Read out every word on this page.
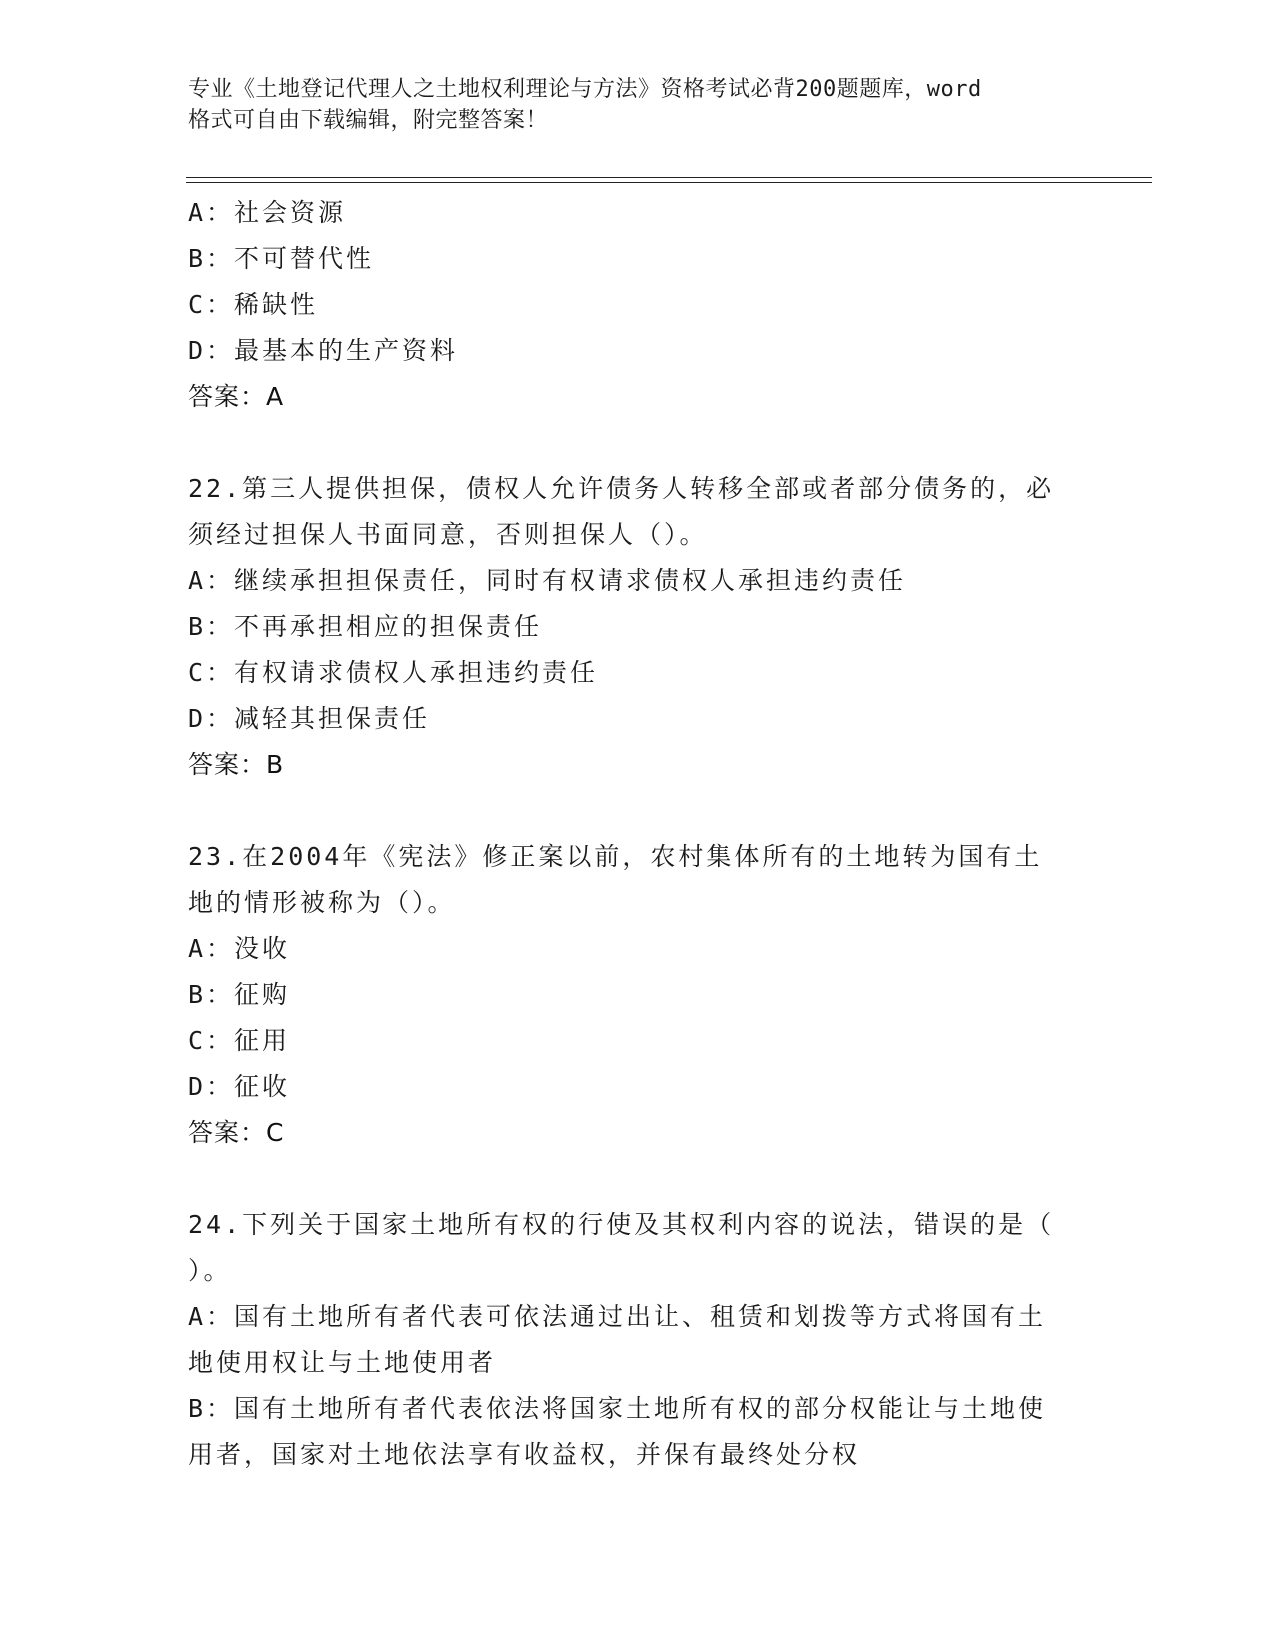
专业《土地登记代理人之土地权利理论与方法》资格考试必背200题题库，word
格式可自由下载编辑，附完整答案！
A：社会资源
B：不可替代性
C：稀缺性
D：最基本的生产资料
答案：A
22.第三人提供担保，债权人允许债务人转移全部或者部分债务的，必
须经过担保人书面同意，否则担保人（）。
A：继续承担担保责任，同时有权请求债权人承担违约责任
B：不再承担相应的担保责任
C：有权请求债权人承担违约责任
D：减轻其担保责任
答案：B
23.在2004年《宪法》修正案以前，农村集体所有的土地转为国有土
地的情形被称为（）。
A：没收
B：征购
C：征用
D：征收
答案：C
24.下列关于国家土地所有权的行使及其权利内容的说法，错误的是（
）。
A：国有土地所有者代表可依法通过出让、租赁和划拨等方式将国有土
地使用权让与土地使用者
B：国有土地所有者代表依法将国家土地所有权的部分权能让与土地使
用者，国家对土地依法享有收益权，并保有最终处分权
